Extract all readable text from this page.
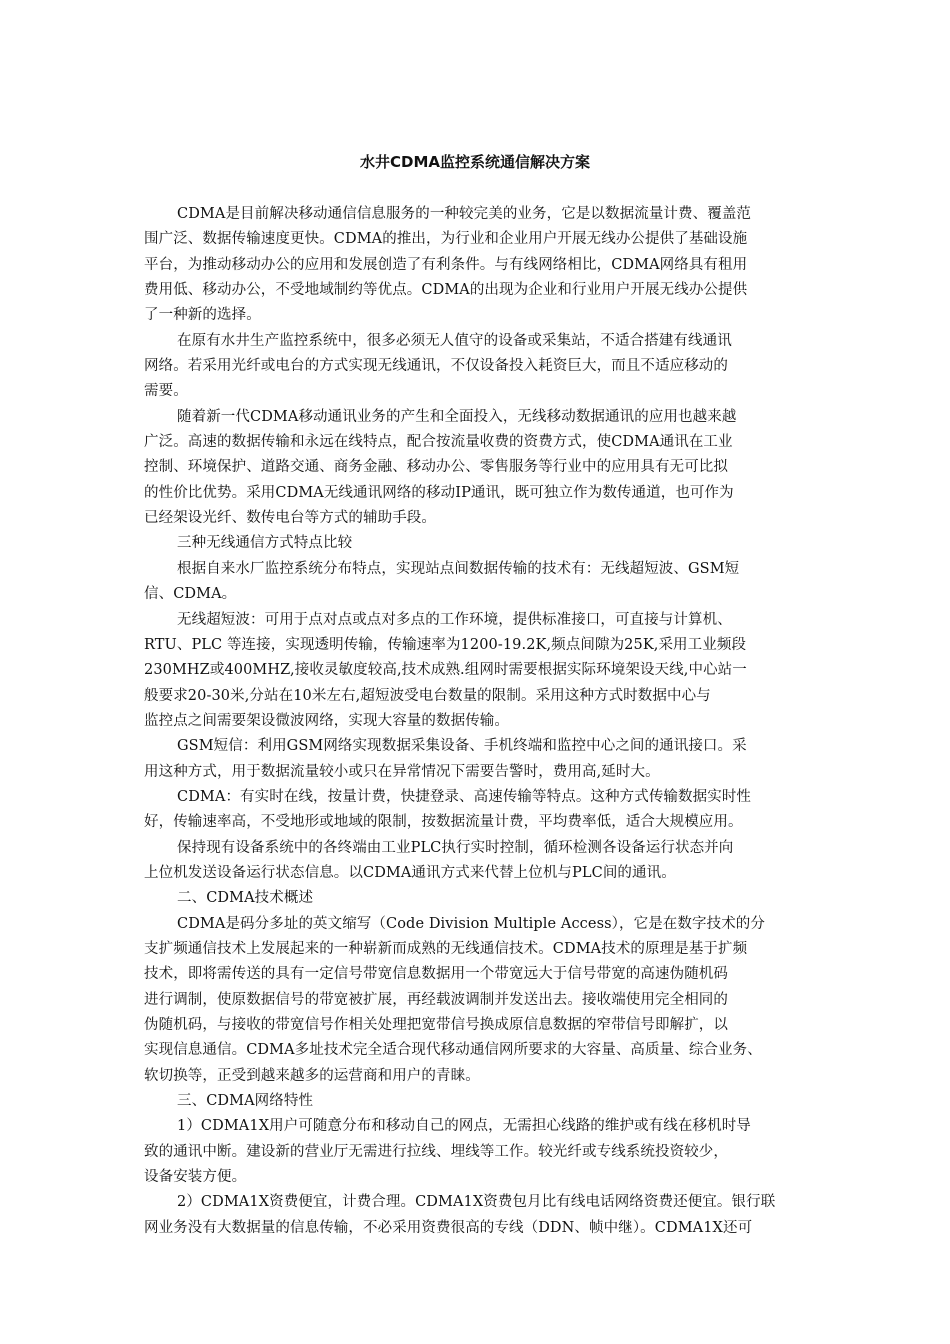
水井CDMA监控系统通信解决方案
CDMA是目前解决移动通信信息服务的一种较完美的业务，它是以数据流量计费、覆盖范
围广泛、数据传输速度更快。CDMA的推出，为行业和企业用户开展无线办公提供了基础设施
平台，为推动移动办公的应用和发展创造了有利条件。与有线网络相比，CDMA网络具有租用
费用低、移动办公，不受地域制约等优点。CDMA的出现为企业和行业用户开展无线办公提供
了一种新的选择。
在原有水井生产监控系统中，很多必须无人值守的设备或采集站，不适合搭建有线通讯
网络。若采用光纤或电台的方式实现无线通讯，不仅设备投入耗资巨大，而且不适应移动的
需要。
随着新一代CDMA移动通讯业务的产生和全面投入，无线移动数据通讯的应用也越来越
广泛。高速的数据传输和永远在线特点，配合按流量收费的资费方式，使CDMA通讯在工业
控制、环境保护、道路交通、商务金融、移动办公、零售服务等行业中的应用具有无可比拟
的性价比优势。采用CDMA无线通讯网络的移动IP通讯，既可独立作为数传通道，也可作为
已经架设光纤、数传电台等方式的辅助手段。
三种无线通信方式特点比较
根据自来水厂监控系统分布特点，实现站点间数据传输的技术有：无线超短波、GSM短
信、CDMA。
无线超短波：可用于点对点或点对多点的工作环境，提供标准接口，可直接与计算机、
RTU、PLC 等连接，实现透明传输，传输速率为1200-19.2K,频点间隙为25K,采用工业频段
230MHZ或400MHZ,接收灵敏度较高,技术成熟.组网时需要根据实际环境架设天线,中心站一
般要求20-30米,分站在10米左右,超短波受电台数量的限制。采用这种方式时数据中心与
监控点之间需要架设微波网络，实现大容量的数据传输。
GSM短信：利用GSM网络实现数据采集设备、手机终端和监控中心之间的通讯接口。采
用这种方式，用于数据流量较小或只在异常情况下需要告警时，费用高,延时大。
CDMA：有实时在线，按量计费，快捷登录、高速传输等特点。这种方式传输数据实时性
好，传输速率高，不受地形或地域的限制，按数据流量计费，平均费率低，适合大规模应用。
保持现有设备系统中的各终端由工业PLC执行实时控制，循环检测各设备运行状态并向
上位机发送设备运行状态信息。以CDMA通讯方式来代替上位机与PLC间的通讯。
二、CDMA技术概述
CDMA是码分多址的英文缩写（Code Division Multiple Access），它是在数字技术的分
支扩频通信技术上发展起来的一种崭新而成熟的无线通信技术。CDMA技术的原理是基于扩频
技术，即将需传送的具有一定信号带宽信息数据用一个带宽远大于信号带宽的高速伪随机码
进行调制，使原数据信号的带宽被扩展，再经载波调制并发送出去。接收端使用完全相同的
伪随机码，与接收的带宽信号作相关处理把宽带信号换成原信息数据的窄带信号即解扩，以
实现信息通信。CDMA多址技术完全适合现代移动通信网所要求的大容量、高质量、综合业务、
软切换等，正受到越来越多的运营商和用户的青睐。
三、CDMA网络特性
1）CDMA1X用户可随意分布和移动自己的网点，无需担心线路的维护或有线在移机时导
致的通讯中断。建设新的营业厅无需进行拉线、埋线等工作。较光纤或专线系统投资较少，
设备安装方便。
2）CDMA1X资费便宜，计费合理。CDMA1X资费包月比有线电话网络资费还便宜。银行联
网业务没有大数据量的信息传输，不必采用资费很高的专线（DDN、帧中继）。CDMA1X还可
